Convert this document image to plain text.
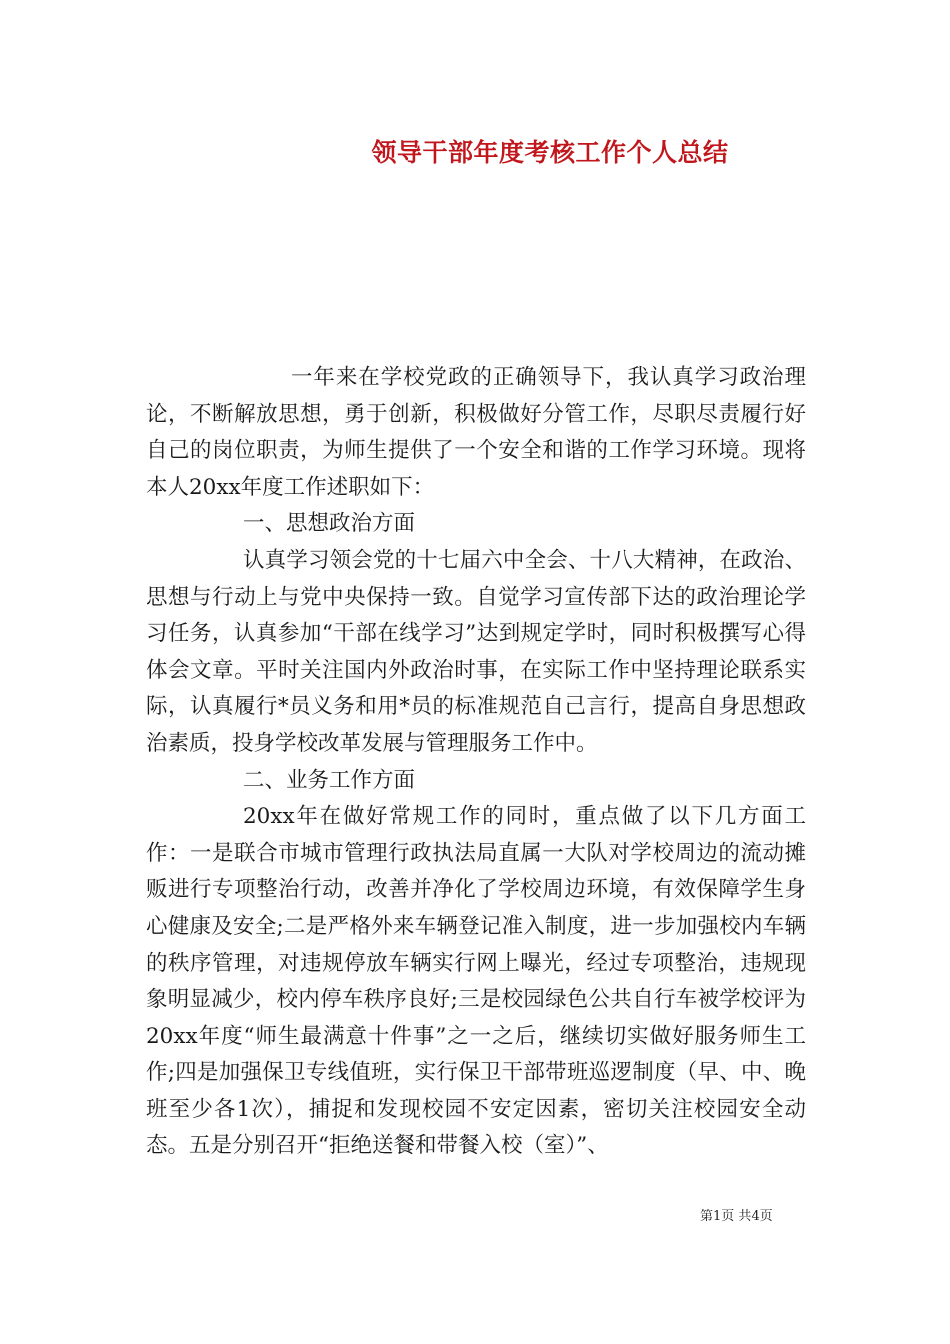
领导干部年度考核工作个人总结

一年来在学校党政的正确领导下，我认真学习政治理论，不断解放思想，勇于创新，积极做好分管工作，尽职尽责履行好自己的岗位职责，为师生提供了一个安全和谐的工作学习环境。现将本人20xx年度工作述职如下：

一、思想政治方面

认真学习领会党的十七届六中全会、十八大精神，在政治、思想与行动上与党中央保持一致。自觉学习宣传部下达的政治理论学习任务，认真参加“干部在线学习”达到规定学时，同时积极撰写心得体会文章。平时关注国内外政治时事，在实际工作中坚持理论联系实际，认真履行*员义务和用*员的标准规范自己言行，提高自身思想政治素质，投身学校改革发展与管理服务工作中。

二、业务工作方面

20xx年在做好常规工作的同时，重点做了以下几方面工作：一是联合市城市管理行政执法局直属一大队对学校周边的流动摊贩进行专项整治行动，改善并净化了学校周边环境，有效保障学生身心健康及安全;二是严格外来车辆登记准入制度，进一步加强校内车辆的秩序管理，对违规停放车辆实行网上曝光，经过专项整治，违规现象明显减少，校内停车秩序良好;三是校园绿色公共自行车被学校评为20xx年度“师生最满意十件事”之一之后，继续切实做好服务师生工作;四是加强保卫专线值班，实行保卫干部带班巡逻制度（早、中、晚班至少各1次），捕捉和发现校园不安定因素，密切关注校园安全动态。五是分别召开“拒绝送餐和带餐入校（室）”、

第1页 共4页
